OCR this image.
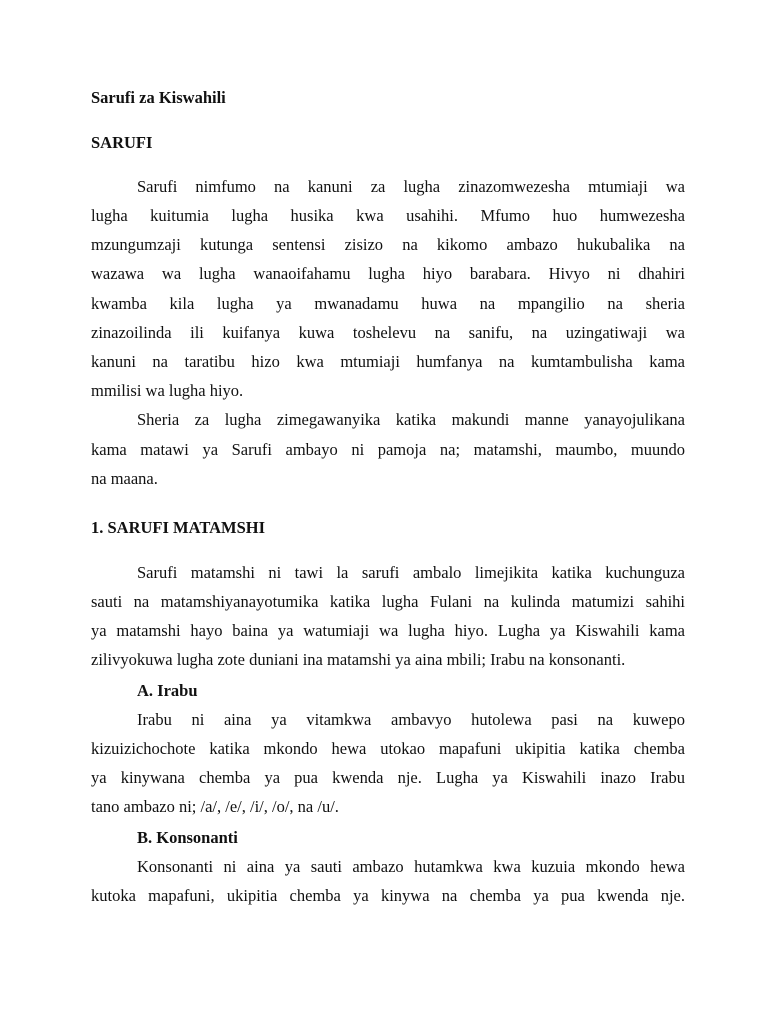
Sarufi za Kiswahili
SARUFI
Sarufi nimfumo na kanuni za lugha zinazomwezesha mtumiaji wa
lugha kuitumia lugha husika kwa usahihi. Mfumo huo humwezesha
mzungumzaji kutunga sentensi zisizo na kikomo ambazo hukubalika na
wazawa wa lugha wanaoifahamu lugha hiyo barabara. Hivyo ni dhahiri
kwamba kila lugha ya mwanadamu huwa na mpangilio na sheria
zinazoilinda ili kuifanya kuwa toshelevu na sanifu, na uzingatiwaji wa
kanuni na taratibu hizo kwa mtumiaji humfanya na kumtambulisha kama
mmilisi wa lugha hiyo.
Sheria za lugha zimegawanyika katika makundi manne yanayojulikana
kama matawi ya Sarufi ambayo ni pamoja na; matamshi, maumbo, muundo
na maana.
1. SARUFI MATAMSHI
Sarufi matamshi ni tawi la sarufi ambalo limejikita katika kuchunguza
sauti na matamshiyanayotumika katika lugha Fulani na kulinda matumizi sahihi
ya matamshi hayo baina ya watumiaji wa lugha hiyo. Lugha ya Kiswahili kama
zilivyokuwa lugha zote duniani ina matamshi ya aina mbili; Irabu na konsonanti.
A. Irabu
Irabu ni aina ya vitamkwa ambavyo hutolewa pasi na kuwepo
kizuizichochote katika mkondo hewa utokao mapafuni ukipitia katika chemba
ya kinywana chemba ya pua kwenda nje. Lugha ya Kiswahili inazo Irabu
tano ambazo ni; /a/, /e/, /i/, /o/, na /u/.
B. Konsonanti
Konsonanti ni aina ya sauti ambazo hutamkwa kwa kuzuia mkondo hewa
kutoka mapafuni, ukipitia chemba ya kinywa na chemba ya pua kwenda nje.
